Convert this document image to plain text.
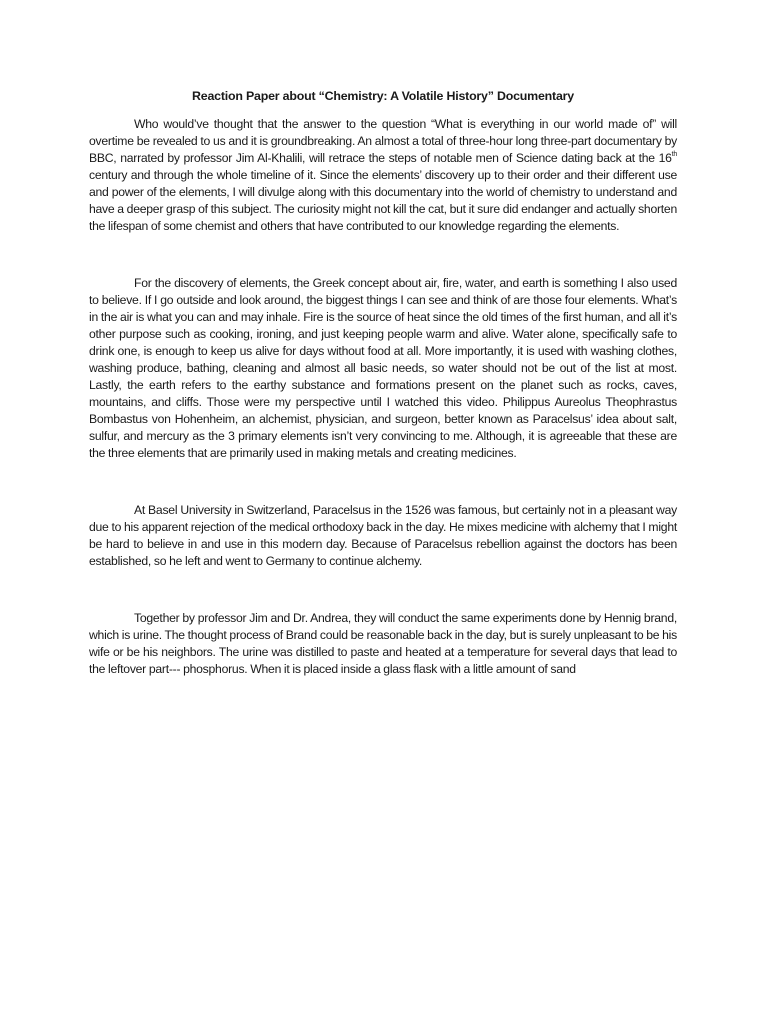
Reaction Paper about “Chemistry: A Volatile History” Documentary

Who would’ve thought that the answer to the question “What is everything in our world made of” will overtime be revealed to us and it is groundbreaking. An almost a total of three-hour long three-part documentary by BBC, narrated by professor Jim Al-Khalili, will retrace the steps of notable men of Science dating back at the 16th century and through the whole timeline of it. Since the elements’ discovery up to their order and their different use and power of the elements, I will divulge along with this documentary into the world of chemistry to understand and have a deeper grasp of this subject. The curiosity might not kill the cat, but it sure did endanger and actually shorten the lifespan of some chemist and others that have contributed to our knowledge regarding the elements.

For the discovery of elements, the Greek concept about air, fire, water, and earth is something I also used to believe. If I go outside and look around, the biggest things I can see and think of are those four elements. What’s in the air is what you can and may inhale. Fire is the source of heat since the old times of the first human, and all it’s other purpose such as cooking, ironing, and just keeping people warm and alive. Water alone, specifically safe to drink one, is enough to keep us alive for days without food at all. More importantly, it is used with washing clothes, washing produce, bathing, cleaning and almost all basic needs, so water should not be out of the list at most. Lastly, the earth refers to the earthy substance and formations present on the planet such as rocks, caves, mountains, and cliffs. Those were my perspective until I watched this video. Philippus Aureolus Theophrastus Bombastus von Hohenheim, an alchemist, physician, and surgeon, better known as Paracelsus’ idea about salt, sulfur, and mercury as the 3 primary elements isn’t very convincing to me. Although, it is agreeable that these are the three elements that are primarily used in making metals and creating medicines.

At Basel University in Switzerland, Paracelsus in the 1526 was famous, but certainly not in a pleasant way due to his apparent rejection of the medical orthodoxy back in the day. He mixes medicine with alchemy that I might be hard to believe in and use in this modern day. Because of Paracelsus rebellion against the doctors has been established, so he left and went to Germany to continue alchemy.

Together by professor Jim and Dr. Andrea, they will conduct the same experiments done by Hennig brand, which is urine. The thought process of Brand could be reasonable back in the day, but is surely unpleasant to be his wife or be his neighbors. The urine was distilled to paste and heated at a temperature for several days that lead to the leftover part--- phosphorus. When it is placed inside a glass flask with a little amount of sand
